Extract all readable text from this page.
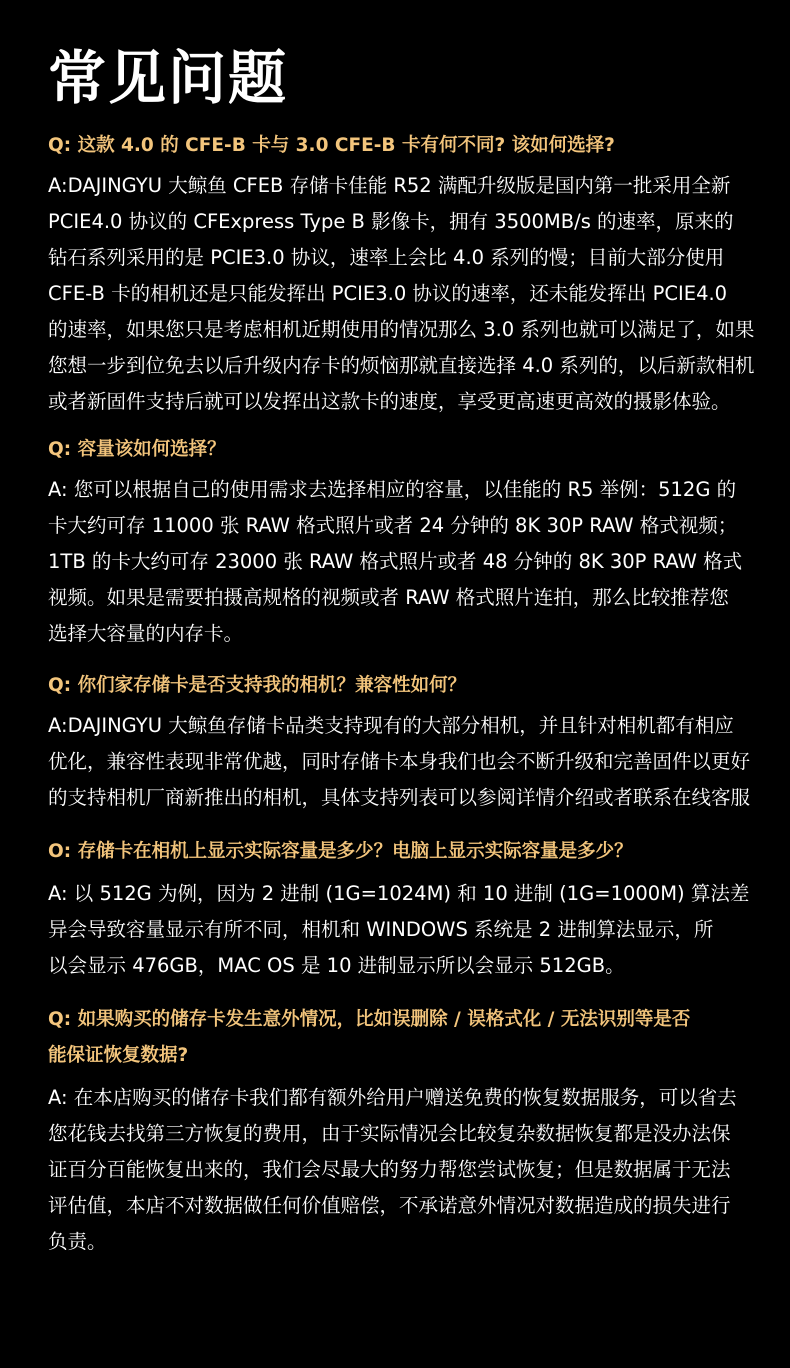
常见问题
Q: 这款 4.0 的 CFE-B 卡与 3.0 CFE-B 卡有何不同? 该如何选择?
A:DAJINGYU 大鲸鱼 CFEB 存储卡佳能 R52 满配升级版是国内第一批采用全新
PCIE4.0 协议的 CFExpress Type B 影像卡，拥有 3500MB/s 的速率，原来的
钻石系列采用的是 PCIE3.0 协议，速率上会比 4.0 系列的慢；目前大部分使用
CFE-B 卡的相机还是只能发挥出 PCIE3.0 协议的速率，还未能发挥出 PCIE4.0
的速率，如果您只是考虑相机近期使用的情况那么 3.0 系列也就可以满足了，如果
您想一步到位免去以后升级内存卡的烦恼那就直接选择 4.0 系列的，以后新款相机
或者新固件支持后就可以发挥出这款卡的速度，享受更高速更高效的摄影体验。
Q: 容量该如何选择？
A: 您可以根据自己的使用需求去选择相应的容量，以佳能的 R5 举例：512G 的
卡大约可存 11000 张 RAW 格式照片或者 24 分钟的 8K 30P RAW 格式视频；
1TB 的卡大约可存 23000 张 RAW 格式照片或者 48 分钟的 8K 30P RAW 格式
视频。如果是需要拍摄高规格的视频或者 RAW 格式照片连拍，那么比较推荐您
选择大容量的内存卡。
Q: 你们家存储卡是否支持我的相机？兼容性如何？
A:DAJINGYU 大鲸鱼存储卡品类支持现有的大部分相机，并且针对相机都有相应
优化，兼容性表现非常优越，同时存储卡本身我们也会不断升级和完善固件以更好
的支持相机厂商新推出的相机，具体支持列表可以参阅详情介绍或者联系在线客服
O: 存储卡在相机上显示实际容量是多少？电脑上显示实际容量是多少？
A: 以 512G 为例，因为 2 进制 (1G=1024M) 和 10 进制 (1G=1000M) 算法差
异会导致容量显示有所不同，相机和 WINDOWS 系统是 2 进制算法显示，所
以会显示 476GB，MAC OS 是 10 进制显示所以会显示 512GB。
Q: 如果购买的储存卡发生意外情况，比如误删除 / 误格式化 / 无法识别等是否
能保证恢复数据?
A: 在本店购买的储存卡我们都有额外给用户赠送免费的恢复数据服务，可以省去
您花钱去找第三方恢复的费用，由于实际情况会比较复杂数据恢复都是没办法保
证百分百能恢复出来的，我们会尽最大的努力帮您尝试恢复；但是数据属于无法
评估值，本店不对数据做任何价值赔偿，不承诺意外情况对数据造成的损失进行
负责。
